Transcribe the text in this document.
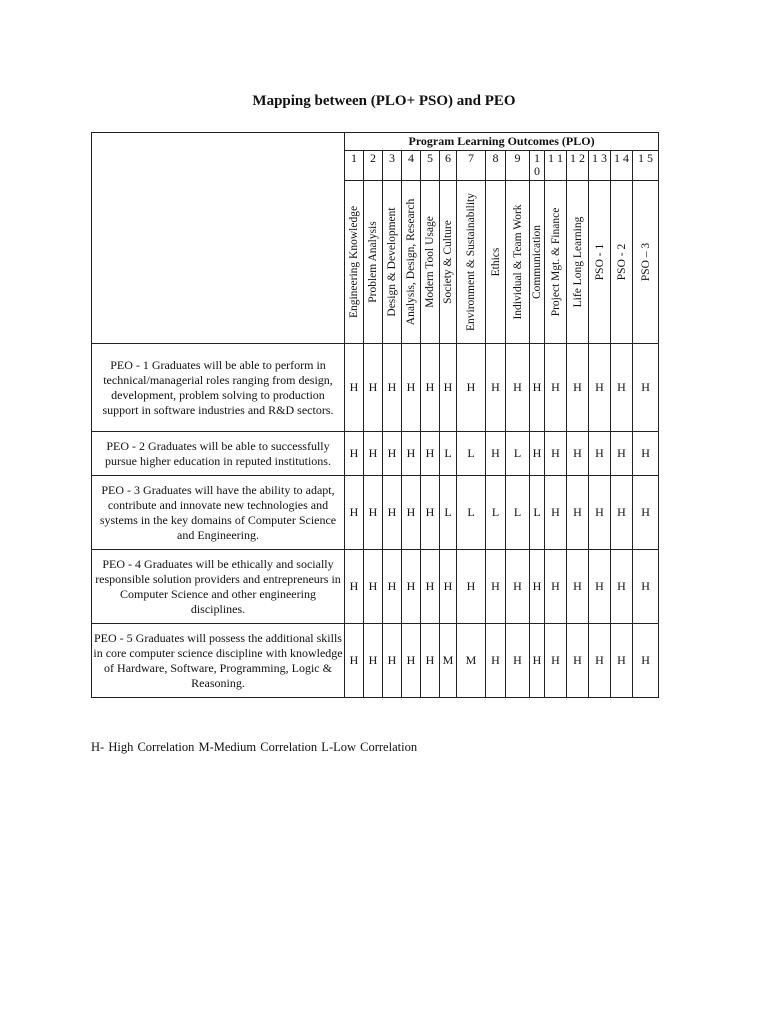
Mapping between (PLO+ PSO) and PEO
	Program Learning Outcomes (PLO)														
	1	2	3	4	5	6	7	8	9	1 0	1 1	1 2	1 3	1 4	1 5

	Engineering Knowledge	Problem Analysis	Design & Development	Analysis, Design, Research	Modern Tool Usage	Society & Culture	Environment & Sustainability	Ethics	Individual & Team Work	Communication	Project Mgt. & Finance	Life Long Learning	PSO - 1	PSO - 2	PSO – 3

PEO - 1 Graduates will be able to perform in technical/managerial roles ranging from design, development, problem solving to production support in software industries and R&D sectors.	H	H	H	H	H	H	H	H	H	H	H	H	H	H	H
PEO - 2 Graduates will be able to successfully pursue higher education in reputed institutions.	H	H	H	H	H	L	L	H	L	H	H	H	H	H	H
PEO - 3 Graduates will have the ability to adapt, contribute and innovate new technologies and systems in the key domains of Computer Science and Engineering.	H	H	H	H	H	L	L	L	L	L	H	H	H	H	H
PEO - 4 Graduates will be ethically and socially responsible solution providers and entrepreneurs in Computer Science and other engineering disciplines.	H	H	H	H	H	H	H	H	H	H	H	H	H	H	H
PEO - 5 Graduates will possess the additional skills in core computer science discipline with knowledge of Hardware, Software, Programming, Logic & Reasoning.	H	H	H	H	H	M	M	H	H	H	H	H	H	H	H
H- High Correlation M-Medium Correlation L-Low Correlation
